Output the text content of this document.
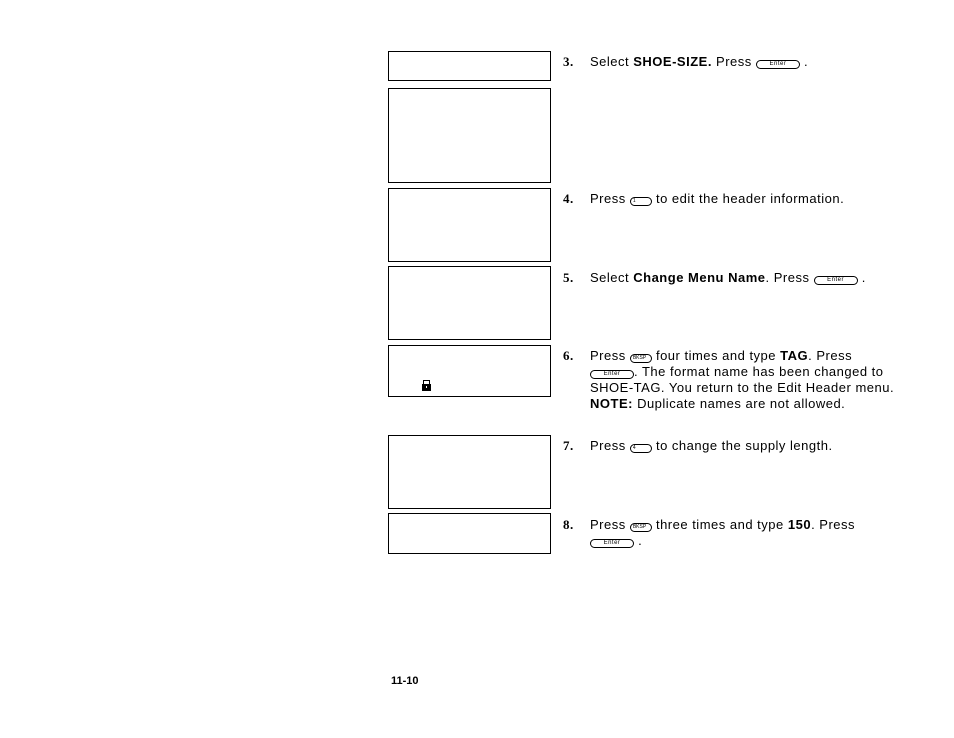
3.	Select SHOE-SIZE. Press Enter .
4.	Press 1 to edit the header information.
5.	Select Change Menu Name. Press Enter .
6.	Press BKSP four times and type TAG. Press
Enter . The format name has been changed to SHOE-TAG. You return to the Edit Header menu.
NOTE: Duplicate names are not allowed.
7.	Press 4 to change the supply length.
8.	Press BKSP three times and type 150. Press
Enter .
11-10
